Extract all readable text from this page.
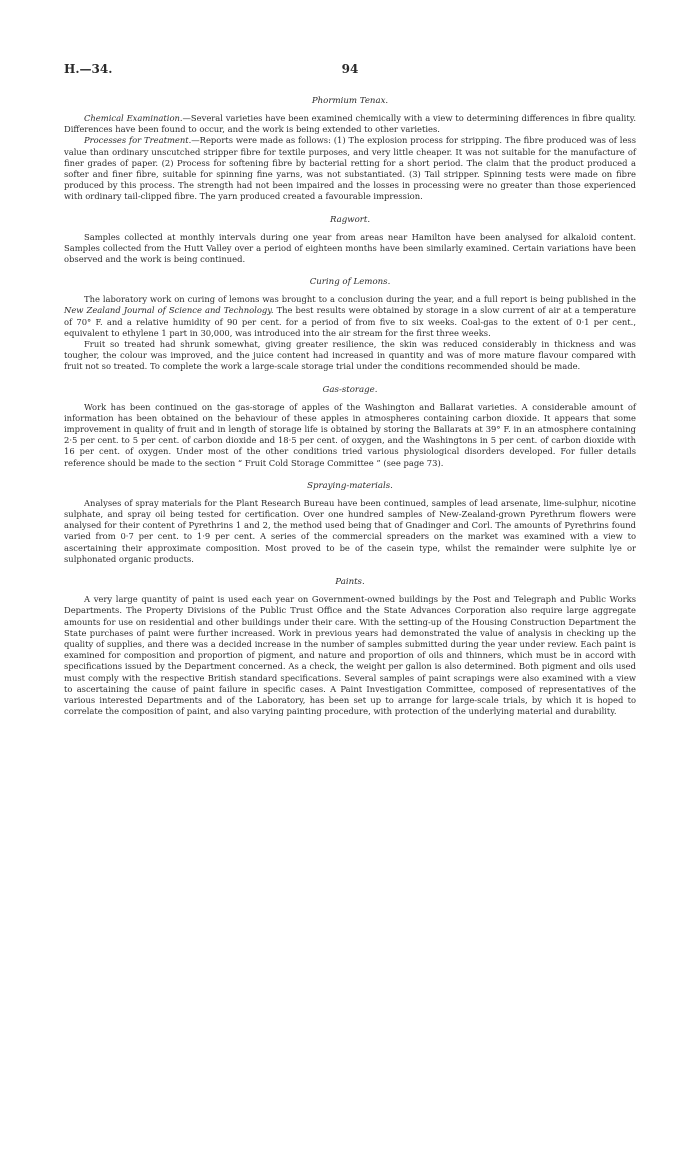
H.—34.	94
Phormium Tenax.

Chemical Examination.—Several varieties have been examined chemically with a view to determining differences in fibre quality. Differences have been found to occur, and the work is being extended to other varieties.

Processes for Treatment.—Reports were made as follows: (1) The explosion process for stripping. The fibre produced was of less value than ordinary unscutched stripper fibre for textile purposes, and very little cheaper. It was not suitable for the manufacture of finer grades of paper. (2) Process for softening fibre by bacterial retting for a short period. The claim that the product produced a softer and finer fibre, suitable for spinning fine yarns, was not substantiated. (3) Tail stripper. Spinning tests were made on fibre produced by this process. The strength had not been impaired and the losses in processing were no greater than those experienced with ordinary tail-clipped fibre. The yarn produced created a favourable impression.

Ragwort.

Samples collected at monthly intervals during one year from areas near Hamilton have been analysed for alkaloid content. Samples collected from the Hutt Valley over a period of eighteen months have been similarly examined. Certain variations have been observed and the work is being continued.

Curing of Lemons.

The laboratory work on curing of lemons was brought to a conclusion during the year, and a full report is being published in the New Zealand Journal of Science and Technology. The best results were obtained by storage in a slow current of air at a temperature of 70° F. and a relative humidity of 90 per cent. for a period of from five to six weeks. Coal-gas to the extent of 0·1 per cent., equivalent to ethylene 1 part in 30,000, was introduced into the air stream for the first three weeks.

Fruit so treated had shrunk somewhat, giving greater resilience, the skin was reduced considerably in thickness and was tougher, the colour was improved, and the juice content had increased in quantity and was of more mature flavour compared with fruit not so treated. To complete the work a large-scale storage trial under the conditions recommended should be made.

Gas-storage.

Work has been continued on the gas-storage of apples of the Washington and Ballarat varieties. A considerable amount of information has been obtained on the behaviour of these apples in atmospheres containing carbon dioxide. It appears that some improvement in quality of fruit and in length of storage life is obtained by storing the Ballarats at 39° F. in an atmosphere containing 2·5 per cent. to 5 per cent. of carbon dioxide and 18·5 per cent. of oxygen, and the Washingtons in 5 per cent. of carbon dioxide with 16 per cent. of oxygen. Under most of the other conditions tried various physiological disorders developed. For fuller details reference should be made to the section “ Fruit Cold Storage Committee ” (see page 73).

Spraying-materials.

Analyses of spray materials for the Plant Research Bureau have been continued, samples of lead arsenate, lime-sulphur, nicotine sulphate, and spray oil being tested for certification. Over one hundred samples of New-Zealand-grown Pyrethrum flowers were analysed for their content of Pyrethrins 1 and 2, the method used being that of Gnadinger and Corl. The amounts of Pyrethrins found varied from 0·7 per cent. to 1·9 per cent. A series of the commercial spreaders on the market was examined with a view to ascertaining their approximate composition. Most proved to be of the casein type, whilst the remainder were sulphite lye or sulphonated organic products.

Paints.

A very large quantity of paint is used each year on Government-owned buildings by the Post and Telegraph and Public Works Departments. The Property Divisions of the Public Trust Office and the State Advances Corporation also require large aggregate amounts for use on residential and other buildings under their care. With the setting-up of the Housing Construction Department the State purchases of paint were further increased. Work in previous years had demonstrated the value of analysis in checking up the quality of supplies, and there was a decided increase in the number of samples submitted during the year under review. Each paint is examined for composition and proportion of pigment, and nature and proportion of oils and thinners, which must be in accord with specifications issued by the Department concerned. As a check, the weight per gallon is also determined. Both pigment and oils used must comply with the respective British standard specifications. Several samples of paint scrapings were also examined with a view to ascertaining the cause of paint failure in specific cases. A Paint Investigation Committee, composed of representatives of the various interested Departments and of the Laboratory, has been set up to arrange for large-scale trials, by which it is hoped to correlate the composition of paint, and also varying painting procedure, with protection of the underlying material and durability.
